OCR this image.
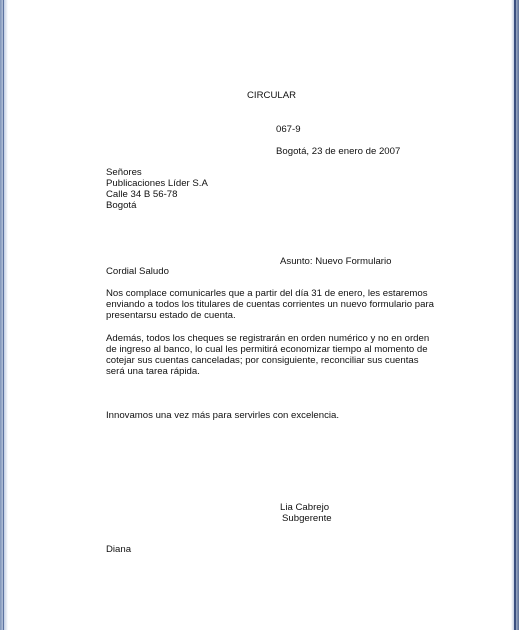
CIRCULAR
067-9
Bogotá, 23 de enero de 2007
Señores
Publicaciones Líder S.A
Calle 34 B 56-78
Bogotá
Asunto: Nuevo Formulario
Cordial Saludo
Nos complace comunicarles que a partir del día 31 de enero, les estaremos
enviando a todos los titulares de cuentas corrientes un nuevo formulario para
presentarsu estado de cuenta.
Además, todos los cheques se registrarán en orden numérico y no en orden
de ingreso al banco, lo cual les permitirá economizar tiempo al momento de
cotejar sus cuentas canceladas; por consiguiente, reconciliar sus cuentas
será una tarea rápida.
Innovamos una vez más para servirles con excelencia.
Lia Cabrejo
Subgerente
Diana
